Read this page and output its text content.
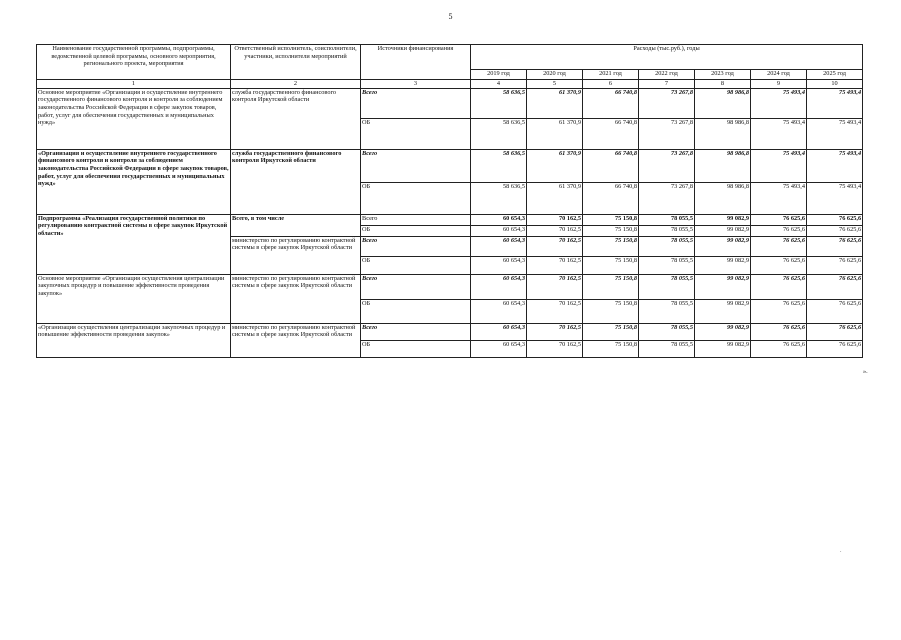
5
Наименование государственной программы, подпрограммы, ведомственной целевой программы, основного мероприятия, регионального проекта, мероприятия	Ответственный исполнитель, соисполнители, участники, исполнители мероприятий	Источники финансирования	Расходы (тыс.руб.), годы						
			2019 год	2020 год	2021 год	2022 год	2023 год	2024 год	2025 год
1	2	3	4	5	6	7	8	9	10
Основное мероприятие «Организация и осуществление внутреннего государственного финансового контроля и контроля за соблюдением законодательства Российской Федерации в сфере закупок товаров, работ, услуг для обеспечения государственных и муниципальных нужд»	служба государственного финансового контроля Иркутской области	Всего	58 636,5	61 370,9	66 740,8	73 267,8	98 986,8	75 493,4	75 493,4
		ОБ	58 636,5	61 370,9	66 740,8	73 267,8	98 986,8	75 493,4	75 493,4
«Организация и осуществление внутреннего государственного финансового контроля и контроля за соблюдением законодательства Российской Федерации в сфере закупок товаров, работ, услуг для обеспечения государственных и муниципальных нужд»	служба государственного финансового контроля Иркутской области	Всего	58 636,5	61 370,9	66 740,8	73 267,8	98 986,8	75 493,4	75 493,4
		ОБ	58 636,5	61 370,9	66 740,8	73 267,8	98 986,8	75 493,4	75 493,4
Подпрограмма «Реализация государственной политики по регулированию контрактной системы в сфере закупок Иркутской области»	Всего, в том числе	Всего	60 654,3	70 162,5	75 150,8	78 055,5	99 082,9	76 625,6	76 625,6
		ОБ	60 654,3	70 162,5	75 150,8	78 055,5	99 082,9	76 625,6	76 625,6
	министерство по регулированию контрактной системы в сфере закупок Иркутской области	Всего	60 654,3	70 162,5	75 150,8	78 055,5	99 082,9	76 625,6	76 625,6
		ОБ	60 654,3	70 162,5	75 150,8	78 055,5	99 082,9	76 625,6	76 625,6
Основное мероприятие «Организация осуществления централизации закупочных процедур и повышение эффективности проведения закупок»	министерство по регулированию контрактной системы в сфере закупок Иркутской области	Всего	60 654,3	70 162,5	75 150,8	78 055,5	99 082,9	76 625,6	76 625,6
		ОБ	60 654,3	70 162,5	75 150,8	78 055,5	99 082,9	76 625,6	76 625,6
«Организация осуществления централизации закупочных процедур и повышение эффективности проведения закупок»	министерство по регулированию контрактной системы в сфере закупок Иркутской области	Всего	60 654,3	70 162,5	75 150,8	78 055,5	99 082,9	76 625,6	76 625,6
		ОБ	60 654,3	70 162,5	75 150,8	78 055,5	99 082,9	76 625,6	76 625,6
».
.
